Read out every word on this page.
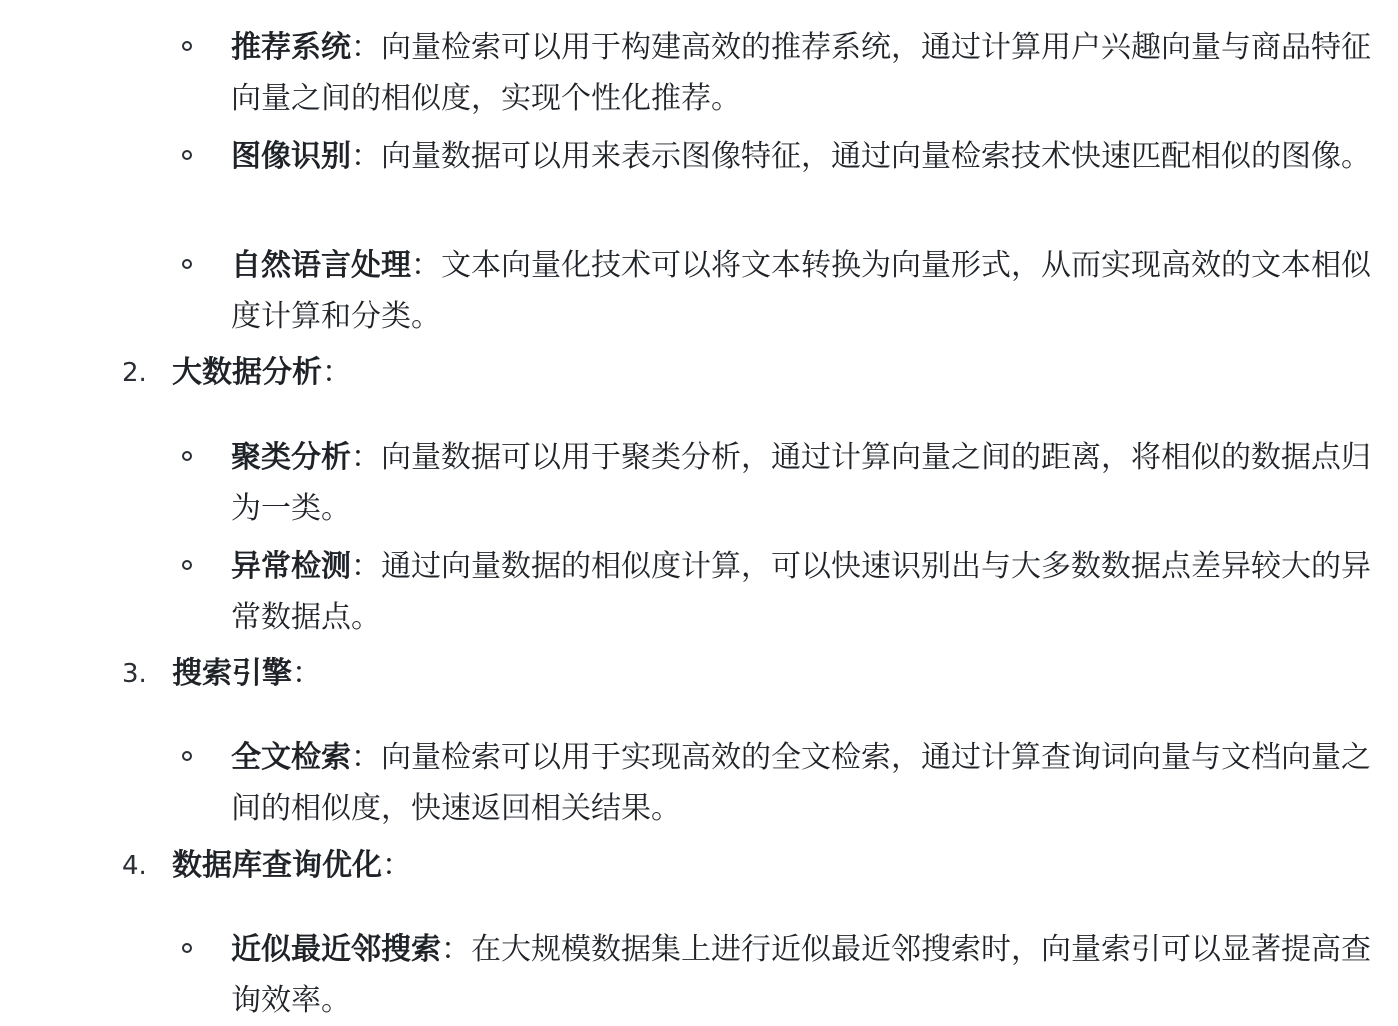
推荐系统：向量检索可以用于构建高效的推荐系统，通过计算用户兴趣向量与商品特征向量之间的相似度，实现个性化推荐。
图像识别：向量数据可以用来表示图像特征，通过向量检索技术快速匹配相似的图像。
自然语言处理：文本向量化技术可以将文本转换为向量形式，从而实现高效的文本相似度计算和分类。
2. 大数据分析：
聚类分析：向量数据可以用于聚类分析，通过计算向量之间的距离，将相似的数据点归为一类。
异常检测：通过向量数据的相似度计算，可以快速识别出与大多数数据点差异较大的异常数据点。
3. 搜索引擎：
全文检索：向量检索可以用于实现高效的全文检索，通过计算查询词向量与文档向量之间的相似度，快速返回相关结果。
4. 数据库查询优化：
近似最近邻搜索：在大规模数据集上进行近似最近邻搜索时，向量索引可以显著提高查询效率。
